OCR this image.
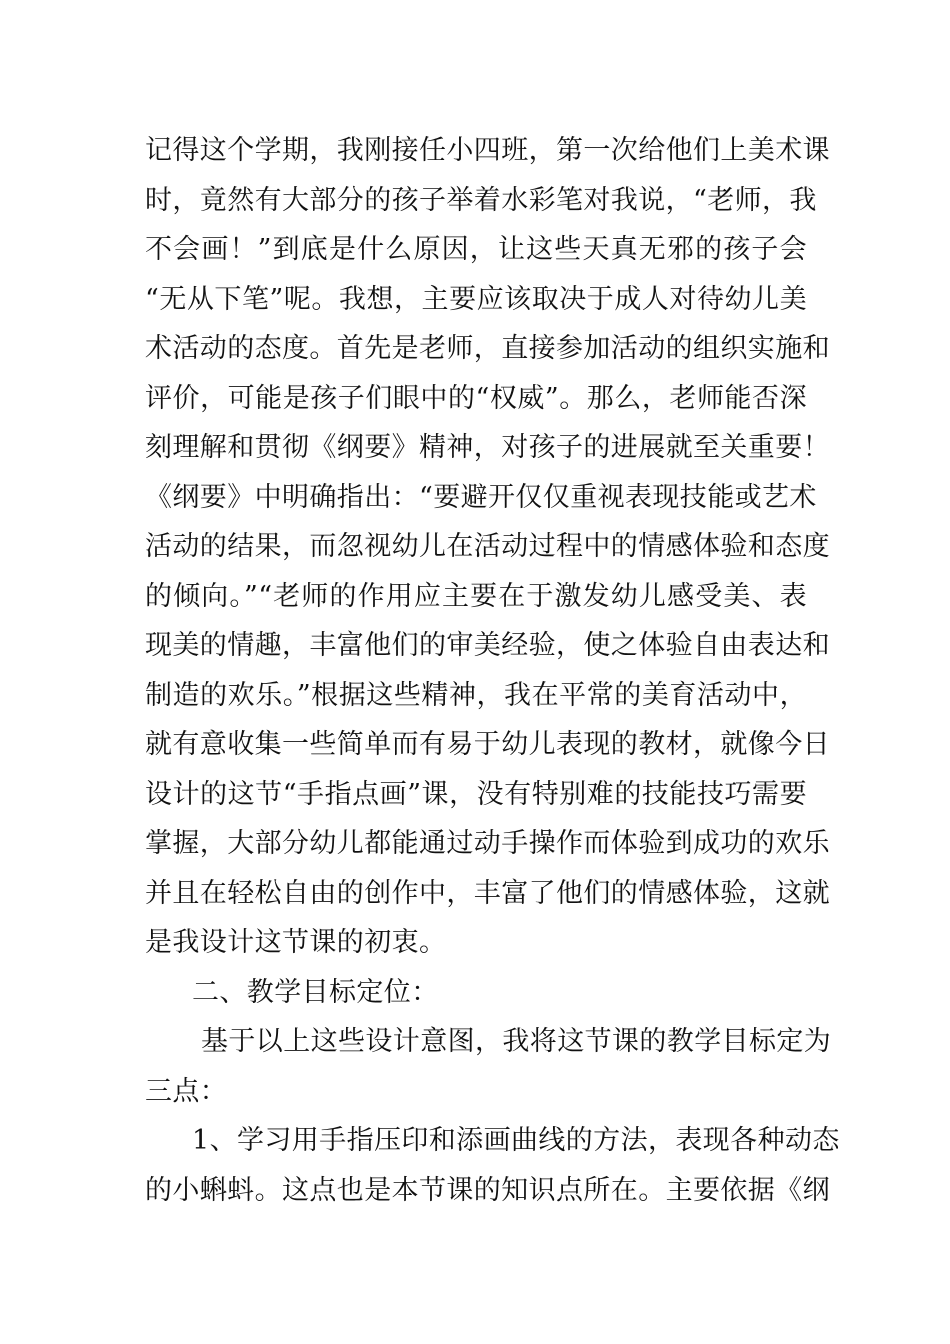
记得这个学期，我刚接任小四班，第一次给他们上美术课
时，竟然有大部分的孩子举着水彩笔对我说，“老师，我
不会画！”到底是什么原因，让这些天真无邪的孩子会
“无从下笔”呢。我想，主要应该取决于成人对待幼儿美
术活动的态度。首先是老师，直接参加活动的组织实施和
评价，可能是孩子们眼中的“权威”。那么，老师能否深
刻理解和贯彻《纲要》精神，对孩子的进展就至关重要！
《纲要》中明确指出：“要避开仅仅重视表现技能或艺术
活动的结果，而忽视幼儿在活动过程中的情感体验和态度
的倾向。”“老师的作用应主要在于激发幼儿感受美、表
现美的情趣，丰富他们的审美经验，使之体验自由表达和
制造的欢乐。”根据这些精神，我在平常的美育活动中，
就有意收集一些简单而有易于幼儿表现的教材，就像今日
设计的这节“手指点画”课，没有特别难的技能技巧需要
掌握，大部分幼儿都能通过动手操作而体验到成功的欢乐
并且在轻松自由的创作中，丰富了他们的情感体验，这就
是我设计这节课的初衷。
二、教学目标定位：
基于以上这些设计意图，我将这节课的教学目标定为
三点：
1、学习用手指压印和添画曲线的方法，表现各种动态
的小蝌蚪。这点也是本节课的知识点所在。主要依据《纲
